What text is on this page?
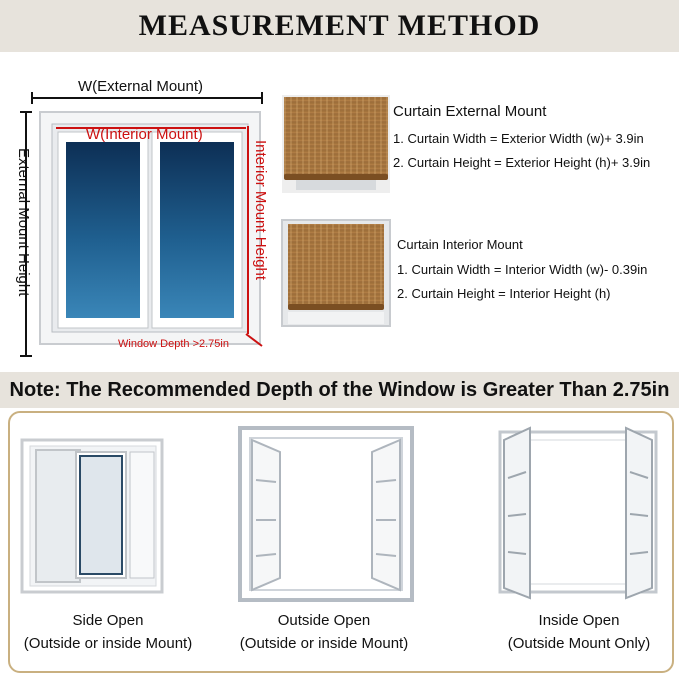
MEASUREMENT METHOD
W(External Mount)
W(Interior Mount)
External Mount Height	Interior Mount Height
Window Depth >2.75in
Curtain External Mount
1. Curtain Width = Exterior Width (w)+ 3.9in
2. Curtain Height = Exterior Height (h)+ 3.9in
Curtain Interior Mount
1. Curtain Width = Interior Width (w)- 0.39in
2. Curtain Height = Interior Height (h)
Note: The Recommended Depth of the Window is Greater Than 2.75in
Side Open
(Outside or inside Mount)
Outside Open
(Outside or inside Mount)
Inside Open
(Outside Mount Only)
